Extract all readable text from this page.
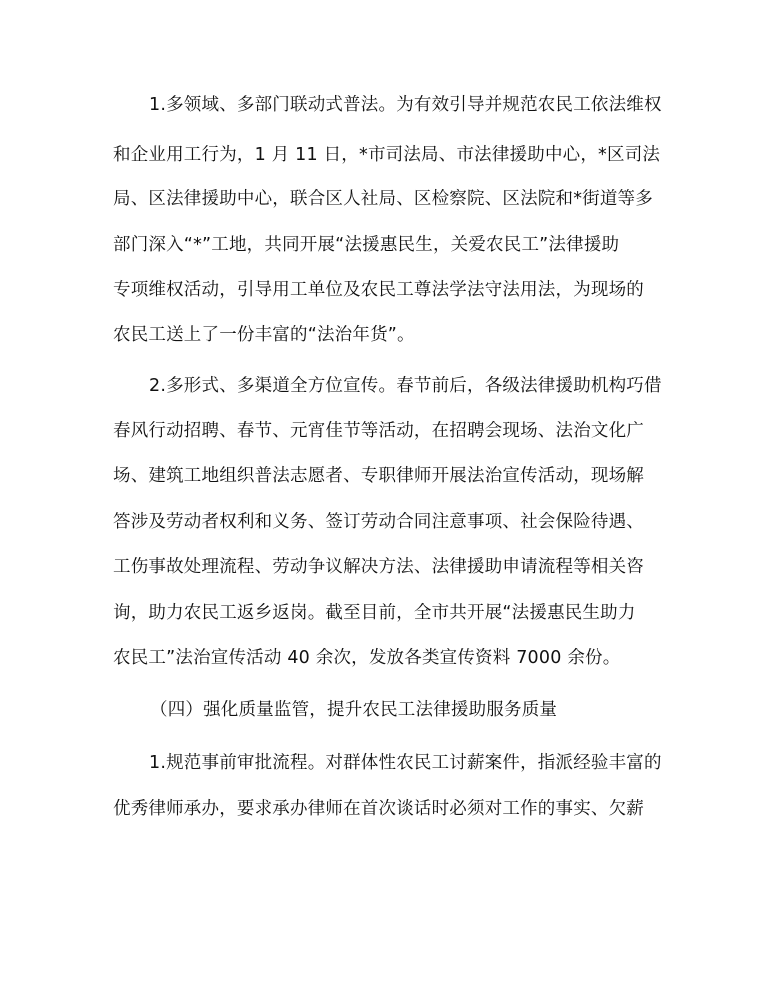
1.多领域、多部门联动式普法。为有效引导并规范农民工依法维权
和企业用工行为，1 月 11 日，*市司法局、市法律援助中心，*区司法
局、区法律援助中心，联合区人社局、区检察院、区法院和*街道等多
部门深入“*”工地，共同开展“法援惠民生，关爱农民工”法律援助
专项维权活动，引导用工单位及农民工尊法学法守法用法，为现场的
农民工送上了一份丰富的“法治年货”。
2.多形式、多渠道全方位宣传。春节前后，各级法律援助机构巧借
春风行动招聘、春节、元宵佳节等活动，在招聘会现场、法治文化广
场、建筑工地组织普法志愿者、专职律师开展法治宣传活动，现场解
答涉及劳动者权利和义务、签订劳动合同注意事项、社会保险待遇、
工伤事故处理流程、劳动争议解决方法、法律援助申请流程等相关咨
询，助力农民工返乡返岗。截至目前，全市共开展“法援惠民生助力
农民工”法治宣传活动 40 余次，发放各类宣传资料 7000 余份。
（四）强化质量监管，提升农民工法律援助服务质量
1.规范事前审批流程。对群体性农民工讨薪案件，指派经验丰富的
优秀律师承办，要求承办律师在首次谈话时必须对工作的事实、欠薪
